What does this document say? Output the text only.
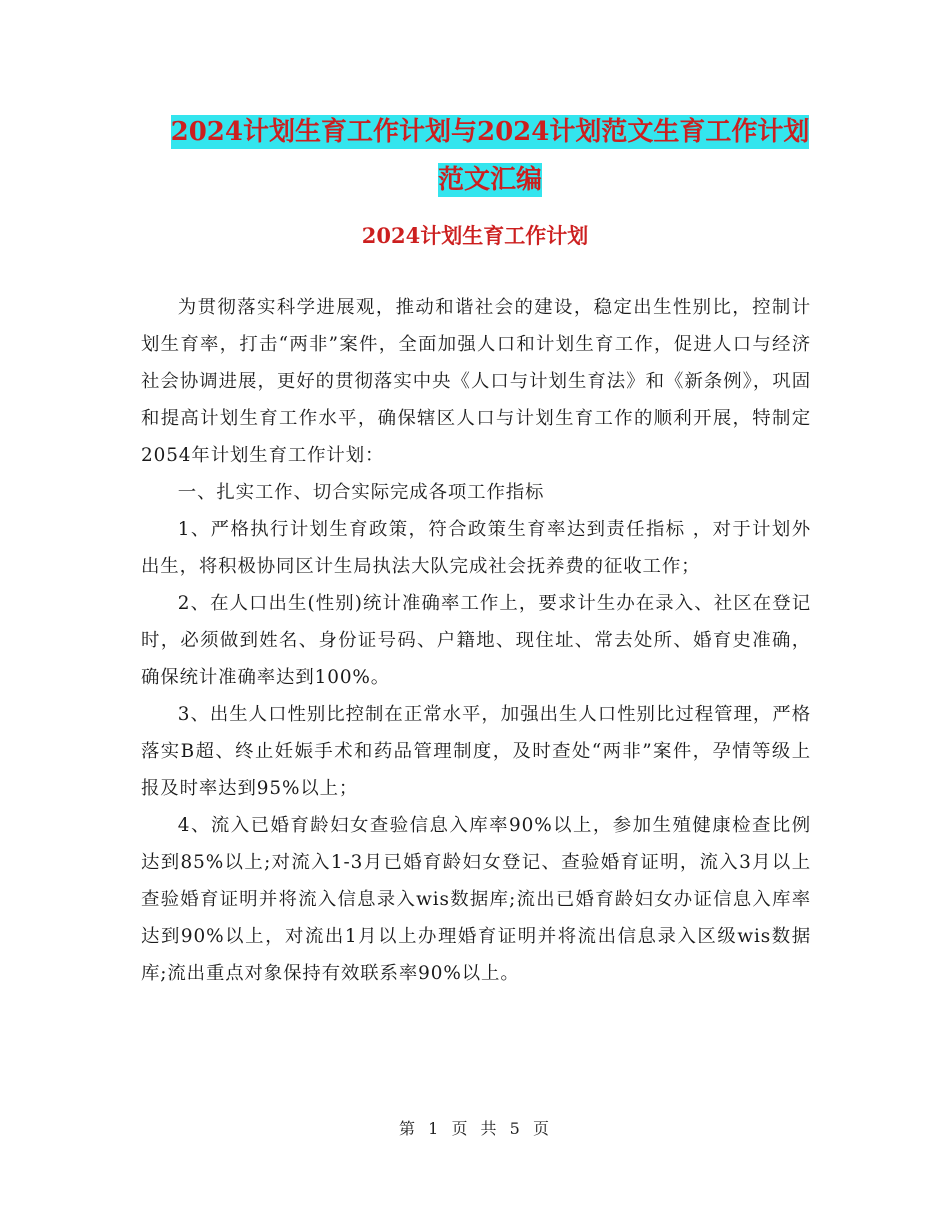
2024计划生育工作计划与2024计划范文生育工作计划
范文汇编
2024计划生育工作计划

为贯彻落实科学进展观，推动和谐社会的建设，稳定出生性别比，控制计划生育率，打击“两非”案件，全面加强人口和计划生育工作，促进人口与经济社会协调进展，更好的贯彻落实中央《人口与计划生育法》和《新条例》，巩固和提高计划生育工作水平，确保辖区人口与计划生育工作的顺利开展，特制定2054年计划生育工作计划：

一、扎实工作、切合实际完成各项工作指标

1、严格执行计划生育政策，符合政策生育率达到责任指标 ，对于计划外出生，将积极协同区计生局执法大队完成社会抚养费的征收工作；

2、在人口出生(性别)统计准确率工作上，要求计生办在录入、社区在登记时，必须做到姓名、身份证号码、户籍地、现住址、常去处所、婚育史准确，确保统计准确率达到100%。

3、出生人口性别比控制在正常水平，加强出生人口性别比过程管理，严格落实B超、终止妊娠手术和药品管理制度，及时查处“两非”案件，孕情等级上报及时率达到95%以上；

4、流入已婚育龄妇女查验信息入库率90%以上，参加生殖健康检查比例达到85%以上;对流入1-3月已婚育龄妇女登记、查验婚育证明，流入3月以上查验婚育证明并将流入信息录入wis数据库;流出已婚育龄妇女办证信息入库率达到90%以上，对流出1月以上办理婚育证明并将流出信息录入区级wis数据库;流出重点对象保持有效联系率90%以上。

第 1 页 共 5 页
